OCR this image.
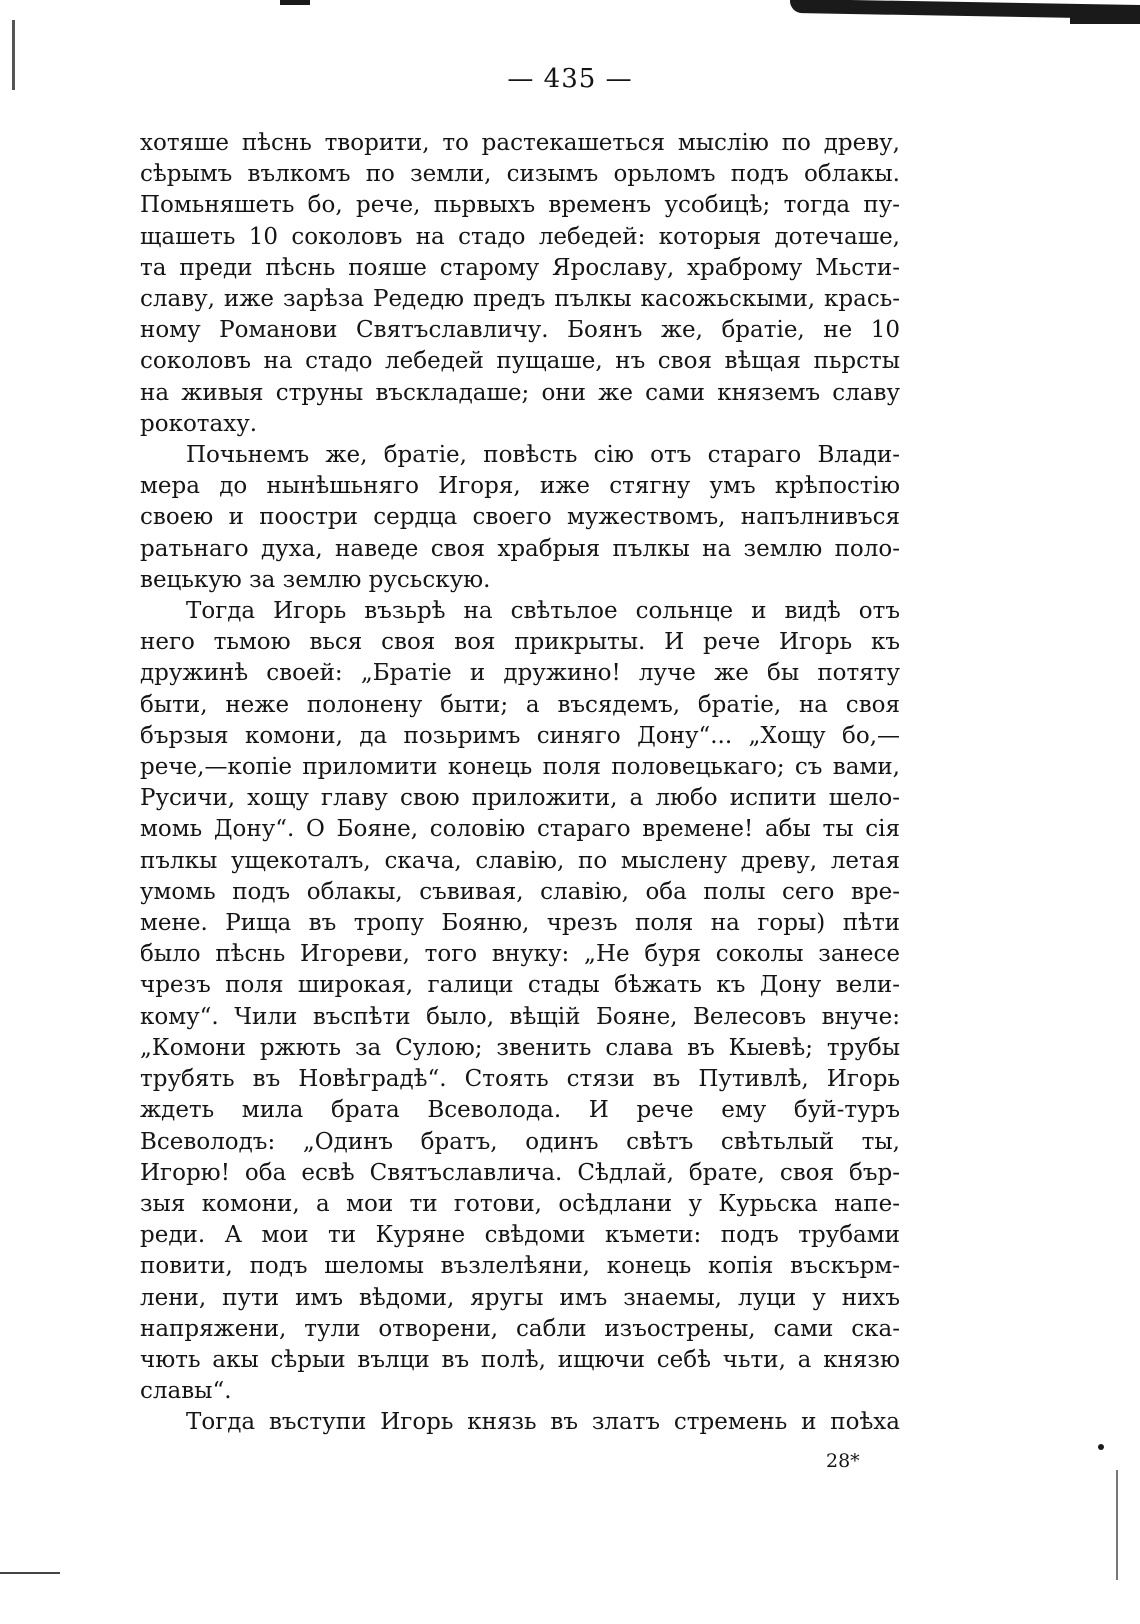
— 435 —
хотяше пѣснь творити, то растекашеться мыслію по древу,
сѣрымъ вълкомъ по земли, сизымъ орьломъ подъ облакы.
Помьняшеть бо, рече, пьрвыхъ временъ усобицѣ; тогда пу-
щашеть 10 соколовъ на стадо лебедей: которыя дотечаше,
та преди пѣснь пояше старому Ярославу, храброму Мьсти-
славу, иже зарѣза Редедю предъ пълкы касожьскыми, крась-
ному Романови Святъславличу. Боянъ же, братіе, не 10
соколовъ на стадо лебедей пущаше, нъ своя вѣщая пьрсты
на живыя струны въскладаше; они же сами княземъ славу
рокотаху.
Почьнемъ же, братіе, повѣсть сію отъ стараго Влади-
мера до нынѣшьняго Игоря, иже стягну умъ крѣпостію
своею и поостри сердца своего мужествомъ, напълнивъся
ратьнаго духа, наведе своя храбрыя пълкы на землю поло-
вецькую за землю русьскую.
Тогда Игорь възьрѣ на свѣтьлое сольнце и видѣ отъ
него тьмою вься своя воя прикрыты. И рече Игорь къ
дружинѣ своей: „Братіе и дружино! луче же бы потяту
быти, неже полонену быти; а въсядемъ, братіе, на своя
бързыя комони, да позьримъ синяго Дону“... „Хощу бо,—
рече,—копіе приломити конець поля половецькаго; съ вами,
Русичи, хощу главу свою приложити, а любо испити шело-
момь Дону“. О Бояне, соловію стараго времене! абы ты сія
пълкы ущекоталъ, скача, славію, по мыслену древу, летая
умомь подъ облакы, съвивая, славію, оба полы сего вре-
мене. Рища въ тропу Бояню, чрезъ поля на горы) пѣти
было пѣснь Игореви, того внуку: „Не буря соколы занесе
чрезъ поля широкая, галици стады бѣжать къ Дону вели-
кому“. Чили въспѣти было, вѣщій Бояне, Велесовъ внуче:
„Комони ржють за Сулою; звенить слава въ Кыевѣ; трубы
трубять въ Новѣградѣ“. Стоять стязи въ Путивлѣ, Игорь
ждеть мила брата Всеволода. И рече ему буй-туръ
Всеволодъ: „Одинъ братъ, одинъ свѣтъ свѣтьлый ты,
Игорю! оба есвѣ Святъславлича. Сѣдлай, брате, своя бър-
зыя комони, а мои ти готови, осѣдлани у Курьска напе-
реди. А мои ти Куряне свѣдоми къмети: подъ трубами
повити, подъ шеломы възлелѣяни, конець копія въскърм-
лени, пути имъ вѣдоми, яругы имъ знаемы, луци у нихъ
напряжени, тули отворени, сабли изъострены, сами ска-
чють акы сѣрыи вълци въ полѣ, ищючи себѣ чьти, а князю
славы“.
Тогда въступи Игорь князь въ златъ стремень и поѣха
28*
